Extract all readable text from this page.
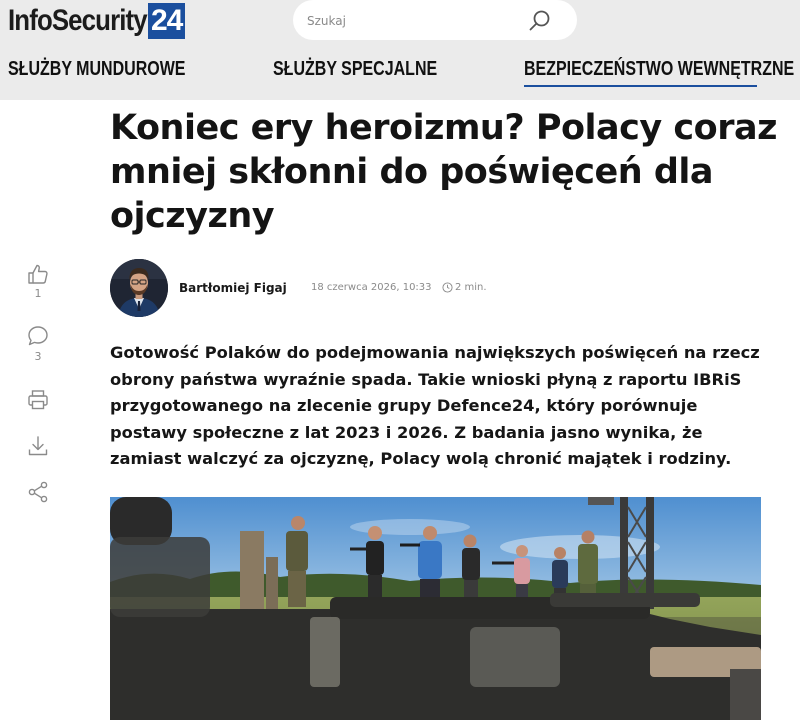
InfoSecurity 24
Szukaj
SŁUŻBY MUNDUROWE	SŁUŻBY SPECJALNE	BEZPIECZEŃSTWO WEWNĘTRZNE
Koniec ery heroizmu? Polacy coraz mniej skłonni do poświęceń dla ojczyzny
Bartłomiej Figaj 18 czerwca 2026, 10:33 2 min.

Gotowość Polaków do podejmowania największych poświęceń na rzecz obrony państwa wyraźnie spada. Takie wnioski płyną z raportu IBRiS przygotowanego na zlecenie grupy Defence24, który porównuje postawy społeczne z lat 2023 i 2026. Z badania jasno wynika, że zamiast walczyć za ojczyznę, Polacy wolą chronić majątek i rodziny.

1
3
